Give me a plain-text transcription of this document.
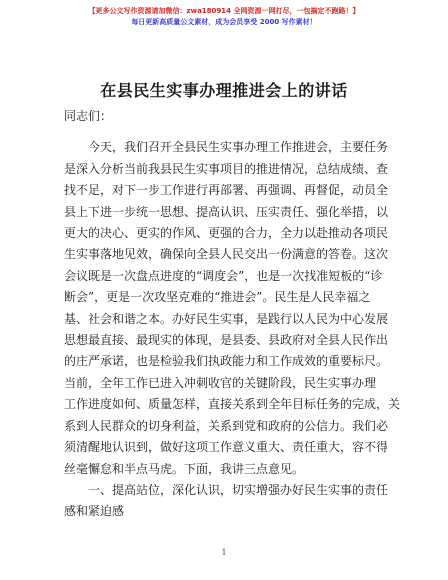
【更多公文写作资源请加微信：zwa180914 全网资源一网打尽，一包搞定不跑路！】
每日更新高质量公文素材，成为会员享受 2000 写作素材！
在县民生实事办理推进会上的讲话

同志们：

今天，我们召开全县民生实事办理工作推进会，主要任务
是深入分析当前我县民生实事项目的推进情况，总结成绩、查
找不足，对下一步工作进行再部署、再强调、再督促，动员全
县上下进一步统一思想、提高认识、压实责任、强化举措，以
更大的决心、更实的作风、更强的合力，全力以赴推动各项民
生实事落地见效，确保向全县人民交出一份满意的答卷。这次
会议既是一次盘点进度的“调度会”，也是一次找准短板的“诊
断会”，更是一次攻坚克难的“推进会”。民生是人民幸福之
基、社会和谐之本。办好民生实事，是践行以人民为中心发展
思想最直接、最现实的体现，是县委、县政府对全县人民作出
的庄严承诺，也是检验我们执政能力和工作成效的重要标尺。
当前，全年工作已进入冲刺收官的关键阶段，民生实事办理
工作进度如何、质量怎样，直接关系到全年目标任务的完成，关
系到人民群众的切身利益，关系到党和政府的公信力。我们必
须清醒地认识到，做好这项工作意义重大、责任重大，容不得
丝毫懈怠和半点马虎。下面，我讲三点意见。

一、提高站位，深化认识，切实增强办好民生实事的责任
感和紧迫感

1
